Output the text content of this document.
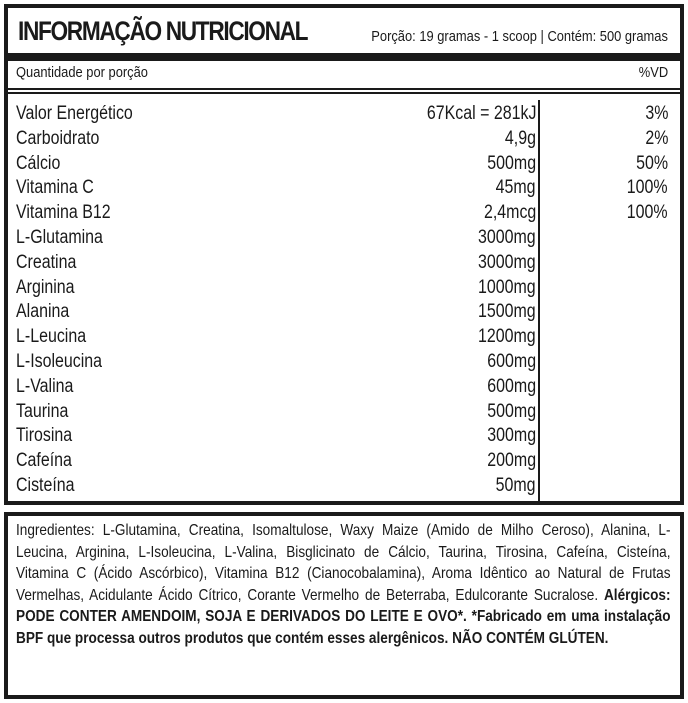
INFORMAÇÃO NUTRICIONAL	Porção: 19 gramas - 1 scoop | Contém: 500 gramas
Quantidade por porção	%VD
Valor Energético	67Kcal = 281kJ	3%
Carboidrato	4,9g	2%
Cálcio	500mg	50%
Vitamina C	45mg	100%
Vitamina B12	2,4mcg	100%
L-Glutamina	3000mg
Creatina	3000mg
Arginina	1000mg
Alanina	1500mg
L-Leucina	1200mg
L-Isoleucina	600mg
L-Valina	600mg
Taurina	500mg
Tirosina	300mg
Cafeína	200mg
Cisteína	50mg
Ingredientes: L-Glutamina, Creatina, Isomaltulose, Waxy Maize (Amido de Milho Ceroso), Alanina, L-Leucina, Arginina, L-Isoleucina, L-Valina, Bisglicinato de Cálcio, Taurina, Tirosina, Cafeína, Cisteína, Vitamina C (Ácido Ascórbico), Vitamina B12 (Cianocobalamina), Aroma Idêntico ao Natural de Frutas Vermelhas, Acidulante Ácido Cítrico, Corante Vermelho de Beterraba, Edulcorante Sucralose. Alérgicos: PODE CONTER AMENDOIM, SOJA E DERIVADOS DO LEITE E OVO*. *Fabricado em uma instalação BPF que processa outros produtos que contém esses alergênicos. NÃO CONTÉM GLÚTEN.
